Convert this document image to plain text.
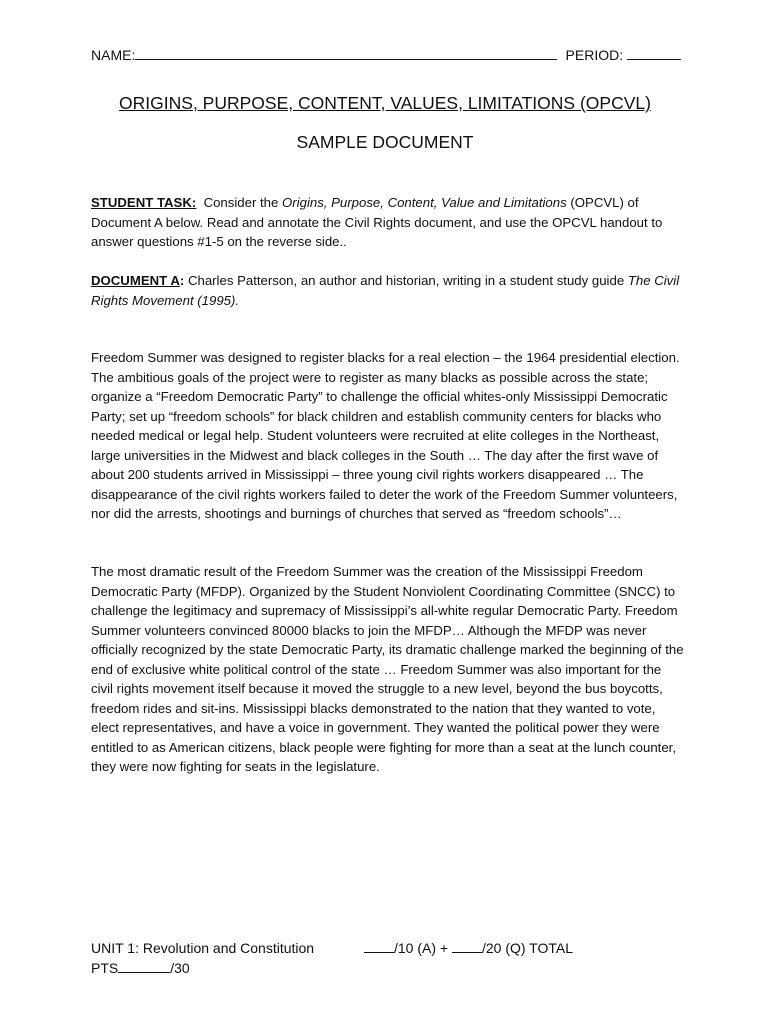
NAME:	PERIOD:
ORIGINS, PURPOSE, CONTENT, VALUES, LIMITATIONS (OPCVL)
SAMPLE DOCUMENT
STUDENT TASK: Consider the Origins, Purpose, Content, Value and Limitations (OPCVL) of Document A below. Read and annotate the Civil Rights document, and use the OPCVL handout to answer questions #1-5 on the reverse side..
DOCUMENT A: Charles Patterson, an author and historian, writing in a student study guide The Civil Rights Movement (1995).
Freedom Summer was designed to register blacks for a real election – the 1964 presidential election. The ambitious goals of the project were to register as many blacks as possible across the state; organize a “Freedom Democratic Party” to challenge the official whites-only Mississippi Democratic Party; set up “freedom schools” for black children and establish community centers for blacks who needed medical or legal help. Student volunteers were recruited at elite colleges in the Northeast, large universities in the Midwest and black colleges in the South … The day after the first wave of about 200 students arrived in Mississippi – three young civil rights workers disappeared … The disappearance of the civil rights workers failed to deter the work of the Freedom Summer volunteers, nor did the arrests, shootings and burnings of churches that served as “freedom schools”…
The most dramatic result of the Freedom Summer was the creation of the Mississippi Freedom Democratic Party (MFDP). Organized by the Student Nonviolent Coordinating Committee (SNCC) to challenge the legitimacy and supremacy of Mississippi’s all-white regular Democratic Party. Freedom Summer volunteers convinced 80000 blacks to join the MFDP… Although the MFDP was never officially recognized by the state Democratic Party, its dramatic challenge marked the beginning of the end of exclusive white political control of the state … Freedom Summer was also important for the civil rights movement itself because it moved the struggle to a new level, beyond the bus boycotts, freedom rides and sit-ins. Mississippi blacks demonstrated to the nation that they wanted to vote, elect representatives, and have a voice in government. They wanted the political power they were entitled to as American citizens, black people were fighting for more than a seat at the lunch counter, they were now fighting for seats in the legislature.
UNIT 1: Revolution and Constitution
PTS	/30
/10 (A) + /20 (Q) TOTAL
